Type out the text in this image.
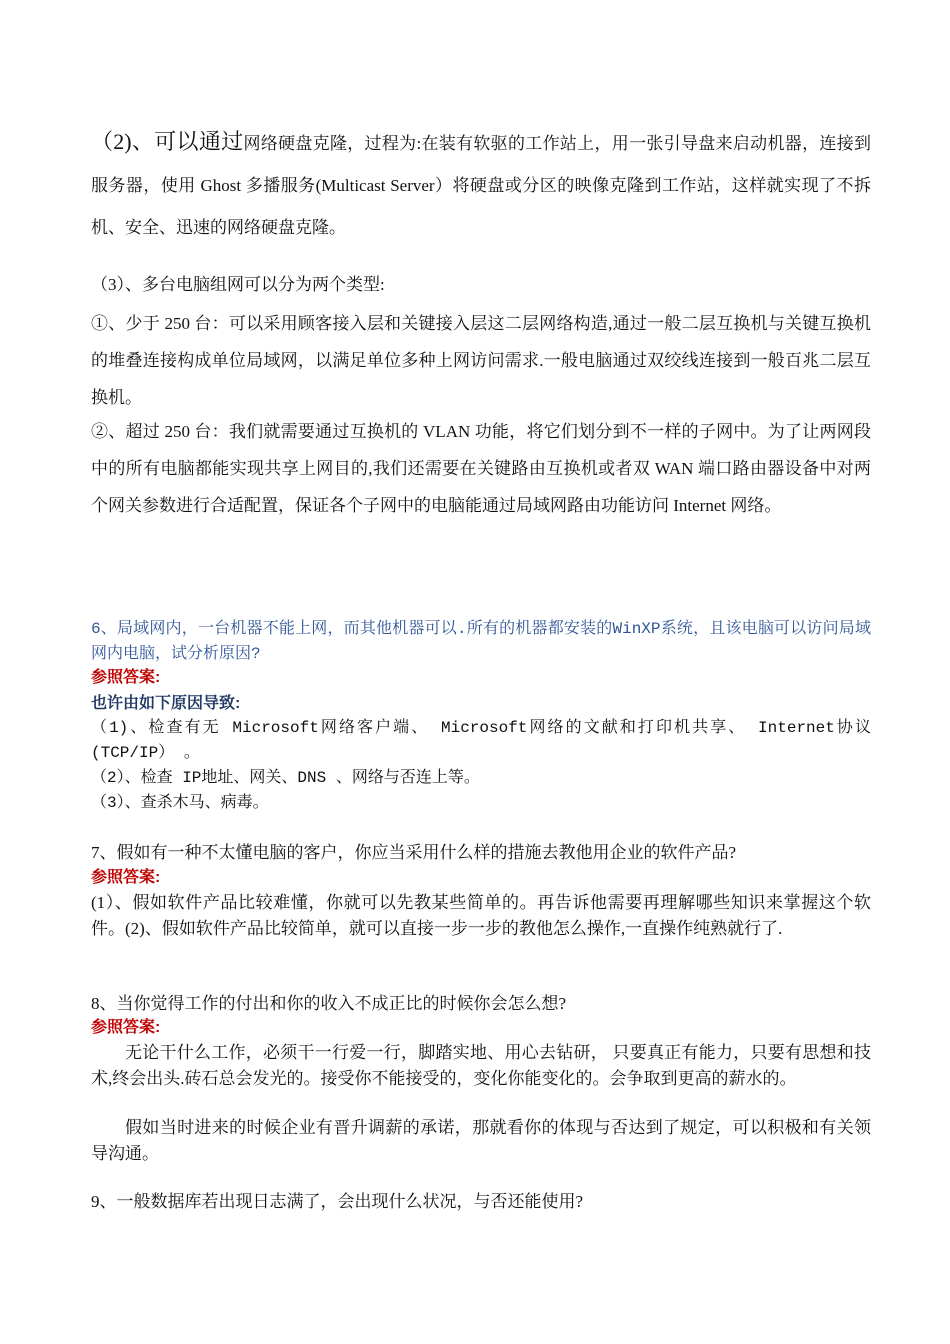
（2)、可以通过网络硬盘克隆，过程为:在装有软驱的工作站上，用一张引导盘来启动机器，连接到服务器，使用 Ghost 多播服务(Multicast Server）将硬盘或分区的映像克隆到工作站，这样就实现了不拆机、安全、迅速的网络硬盘克隆。

（3）、多台电脑组网可以分为两个类型:

①、少于 250 台：可以采用顾客接入层和关键接入层这二层网络构造,通过一般二层互换机与关键互换机的堆叠连接构成单位局域网，以满足单位多种上网访问需求.一般电脑通过双绞线连接到一般百兆二层互换机。

②、超过 250 台：我们就需要通过互换机的 VLAN 功能，将它们划分到不一样的子网中。为了让两网段中的所有电脑都能实现共享上网目的,我们还需要在关键路由互换机或者双 WAN 端口路由器设备中对两个网关参数进行合适配置，保证各个子网中的电脑能通过局域网路由功能访问 Internet 网络。

6、局域网内，一台机器不能上网，而其他机器可以.所有的机器都安装的WinXP系统，且该电脑可以访问局域网内电脑，试分析原因?

参照答案:

也许由如下原因导致:

（1)、检查有无 Microsoft网络客户端、 Microsoft网络的文献和打印机共享、 Internet协议(TCP/IP） 。

（2）、检查 IP地址、网关、DNS 、网络与否连上等。

（3）、查杀木马、病毒。

7、假如有一种不太懂电脑的客户，你应当采用什么样的措施去教他用企业的软件产品?

参照答案:

(1）、假如软件产品比较难懂，你就可以先教某些简单的。再告诉他需要再理解哪些知识来掌握这个软件。(2)、假如软件产品比较简单，就可以直接一步一步的教他怎么操作,一直操作纯熟就行了.

8、当你觉得工作的付出和你的收入不成正比的时候你会怎么想?

参照答案:

无论干什么工作，必须干一行爱一行，脚踏实地、用心去钻研， 只要真正有能力，只要有思想和技术,终会出头.砖石总会发光的。接受你不能接受的，变化你能变化的。会争取到更高的薪水的。

假如当时进来的时候企业有晋升调薪的承诺，那就看你的体现与否达到了规定，可以积极和有关领导沟通。

9、一般数据库若出现日志满了，会出现什么状况，与否还能使用?
